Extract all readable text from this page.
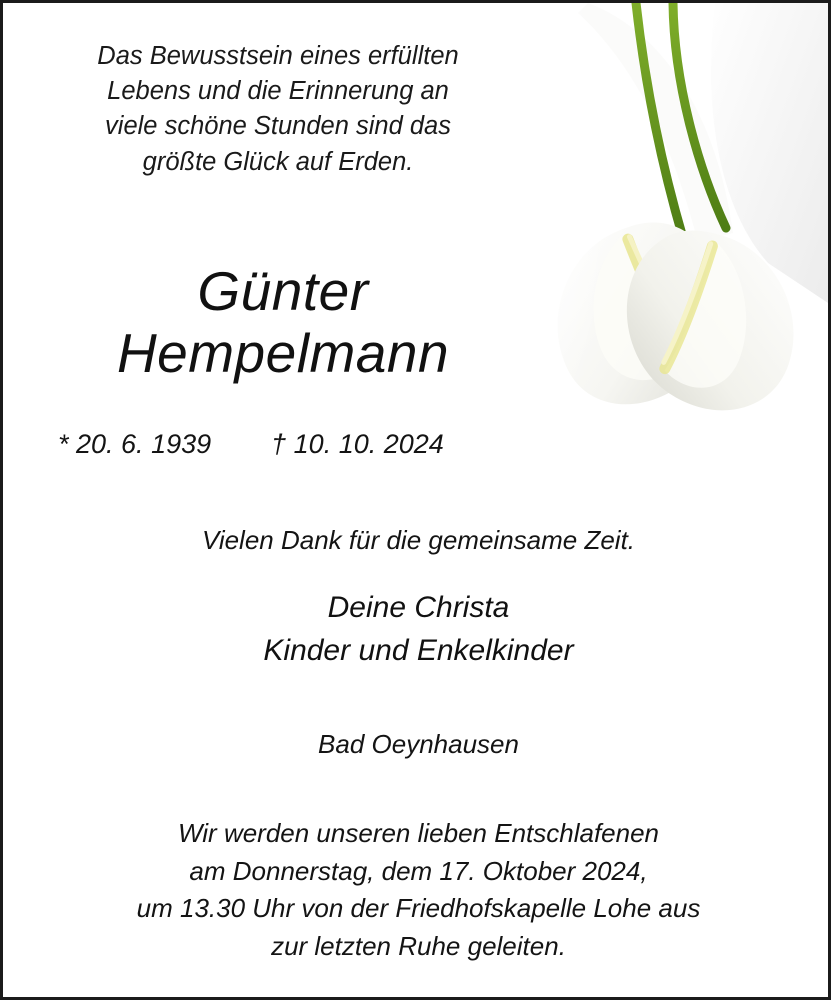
Das Bewusstsein eines erfüllten
Lebens und die Erinnerung an
viele schöne Stunden sind das
größte Glück auf Erden.
Günter
Hempelmann
* 20. 6. 1939 † 10. 10. 2024
Vielen Dank für die gemeinsame Zeit.
Deine Christa
Kinder und Enkelkinder
Bad Oeynhausen
Wir werden unseren lieben Entschlafenen
am Donnerstag, dem 17. Oktober 2024,
um 13.30 Uhr von der Friedhofskapelle Lohe aus
zur letzten Ruhe geleiten.
